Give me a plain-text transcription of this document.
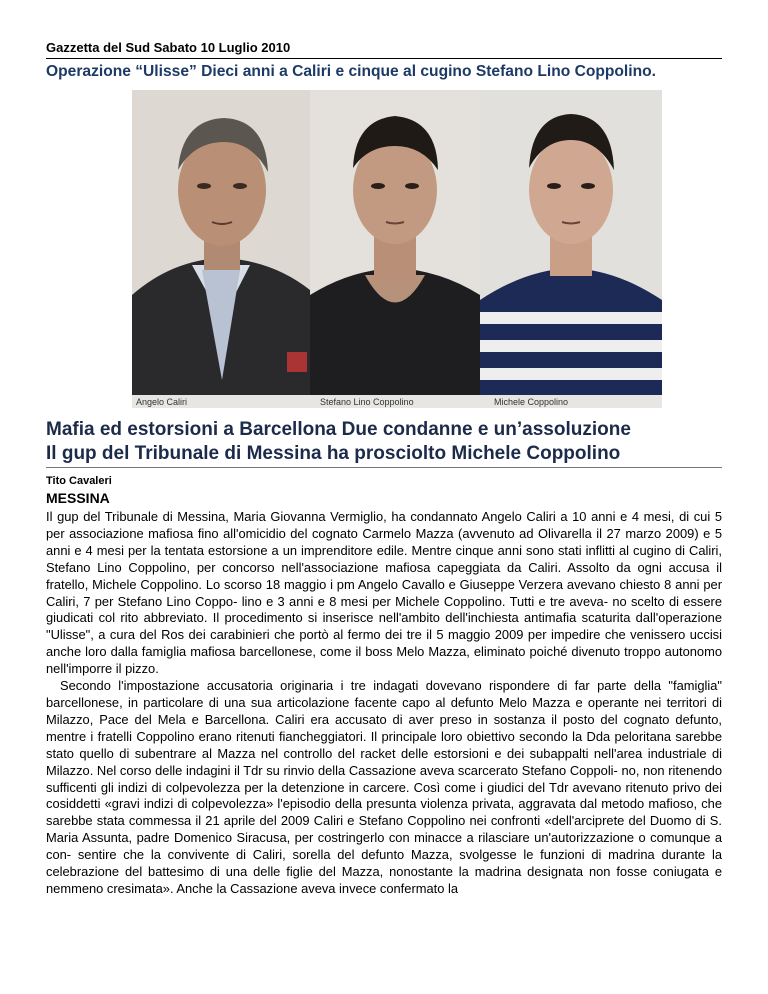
Gazzetta del Sud Sabato 10 Luglio 2010
Operazione “Ulisse” Dieci anni a Caliri e cinque al cugino Stefano Lino Coppolino.
Angelo Caliri	Stefano Lino Coppolino	Michele Coppolino
Mafia ed estorsioni a Barcellona Due condanne e un’assoluzione
Il gup del Tribunale di Messina ha prosciolto Michele Coppolino
Tito Cavaleri
MESSINA

Il gup del Tribunale di Messina, Maria Giovanna Vermiglio, ha condannato Angelo Caliri a 10 anni e 4 mesi, di cui 5 per associazione mafiosa fino all'omicidio del cognato Carmelo Mazza (avvenuto ad Olivarella il 27 marzo 2009) e 5 anni e 4 mesi per la tentata estorsione a un imprenditore edile. Mentre cinque anni sono stati inflitti al cugino di Caliri, Stefano Lino Coppolino, per concorso nell'associazione mafiosa capeggiata da Caliri. Assolto da ogni accusa il fratello, Michele Coppolino. Lo scorso 18 maggio i pm Angelo Cavallo e Giuseppe Verzera avevano chiesto 8 anni per Caliri, 7 per Stefano Lino Coppo- lino e 3 anni e 8 mesi per Michele Coppolino. Tutti e tre aveva- no scelto di essere giudicati col rito abbreviato. Il procedimento si inserisce nell'ambito dell'inchiesta antimafia scaturita dall'operazione "Ulisse", a cura del Ros dei carabinieri che portò al fermo dei tre il 5 maggio 2009 per impedire che venissero uccisi anche loro dalla famiglia mafiosa barcellonese, come il boss Melo Mazza, eliminato poiché divenuto troppo autonomo nell'imporre il pizzo.

Secondo l'impostazione accusatoria originaria i tre indagati dovevano rispondere di far parte della "famiglia" barcellonese, in particolare di una sua articolazione facente capo al defunto Melo Mazza e operante nei territori di Milazzo, Pace del Mela e Barcellona. Caliri era accusato di aver preso in sostanza il posto del cognato defunto, mentre i fratelli Coppolino erano ritenuti fiancheggiatori. Il principale loro obiettivo secondo la Dda peloritana sarebbe stato quello di subentrare al Mazza nel controllo del racket delle estorsioni e dei subappalti nell'area industriale di Milazzo. Nel corso delle indagini il Tdr su rinvio della Cassazione aveva scarcerato Stefano Coppoli- no, non ritenendo sufficenti gli indizi di colpevolezza per la detenzione in carcere. Così come i giudici del Tdr avevano ritenuto privo dei cosiddetti «gravi indizi di colpevolezza» l'episodio della presunta violenza privata, aggravata dal metodo mafioso, che sarebbe stata commessa il 21 aprile del 2009 Caliri e Stefano Coppolino nei confronti «dell'arciprete del Duomo di S. Maria Assunta, padre Domenico Siracusa, per costringerlo con minacce a rilasciare un'autorizzazione o comunque a con- sentire che la convivente di Caliri, sorella del defunto Mazza, svolgesse le funzioni di madrina durante la celebrazione del battesimo di una delle figlie del Mazza, nonostante la madrina designata non fosse coniugata e nemmeno cresimata». Anche la Cassazione aveva invece confermato la
